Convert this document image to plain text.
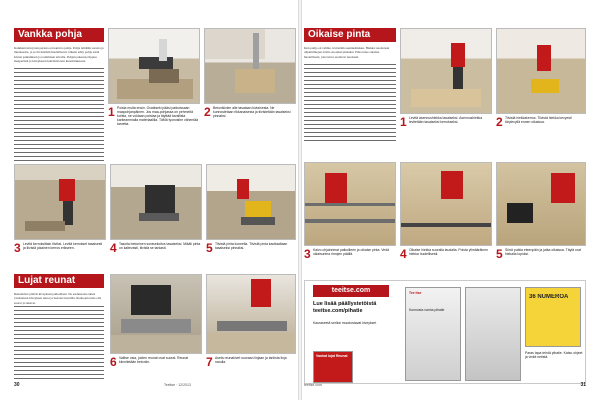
Vankka pohja
Kaikkien kiveysten perusta on kantava pohja. Pohja tehdään sorasta ja murskeesta, ja se tiivistetään huolellisesti. Oikein tehty pohja estää kivien painumisen ja routimisen talvella. Pohjan paksuus riippuu maaperästä ja kiveykseen kohdistuvasta kuormituksesta.
1 Poista multa ensin. Ovatkseki pääsi paikoissaan maapohjanpäinen. Jos maa-pohjassa on pehmeitä kohtia, ne voidaan poistaa ja täyttää tavallista karkeammalla materiaalilla. TäMä tyonvaihe vähentää tarvetta.
2 Betonikivien alle tasataan kiviainesta. Ne kunnostetaan rikkanaisesta ja tiivistetään tasaiseksi pinnaksi.
3 Levitä kerroksittain tiiviksi. Levitä kerrokset tasaisesti ja tiivistä jokainen kerros erikseen.	4 Tasoita betoninen sorasekoitus tasaiseksi. Mikäli pinta on kaltevasti, tiivistä se tarkasti.	5 Tiivistä pinta koneella. Tiivistä pinta kauttaaltaan tasaiseksi pinnaksi.
Lujat reunat
Reunakivet pitävät kiveyksen paikoillaan. Ne asennetaan ennen varsinaisen kiveyksen tekoa ja tuetaan betonilla. Reunojen tulee olla suorat ja tukevat.
6 Valitse osia, joiden reunat ovat suorat. Reunat kiinnitetään betoniin.	7 Aseta reunakivet suoraan linjaan ja tarkista linja narulla.
30	Teeitse · 12/2013
Oikaise pinta
Kun pohja on valmis, levitetään asennushiekka. Hiekka tasoitetaan ohjainrimojen avulla suoraksi pinnaksi. Pinta tulee oikaista huolellisesti, jotta kivet asettuvat tasaisesti.
1 Levitä asennushiekka tasaiseksi. Asennushiekka levitetään tasaiseksi kerrokseksi.	2 Tiivistä hiekkakerros. Tiivistä hiekka kevyesti tärylevyllä ennen oikaisua.
3 Kaivo ohjainrimat paikoilleen ja oikaise pinta. Vedä oikaisurima rimojen päällä.	4 Oikaise hiekka suoralla laudalla. Poista ylimääräinen hiekka huolellisesti.	5 Siirrä putkia eteenpäin ja jatka oikaisua. Täytä urat hiekalla lopuksi.
teeitse.com
Lue lisää päällystetöistä teeitse.com/pihatie
Kauraseetä seriksi muodostavat kiveykset
Vanhat lujat Reunat
Tee itse
Kunnosta vanha pihatie
36 NUMEROA
Paras tapa tehdä pihatie. Katso ohjeet ja vinkit netistä.
teeitse.com	31
